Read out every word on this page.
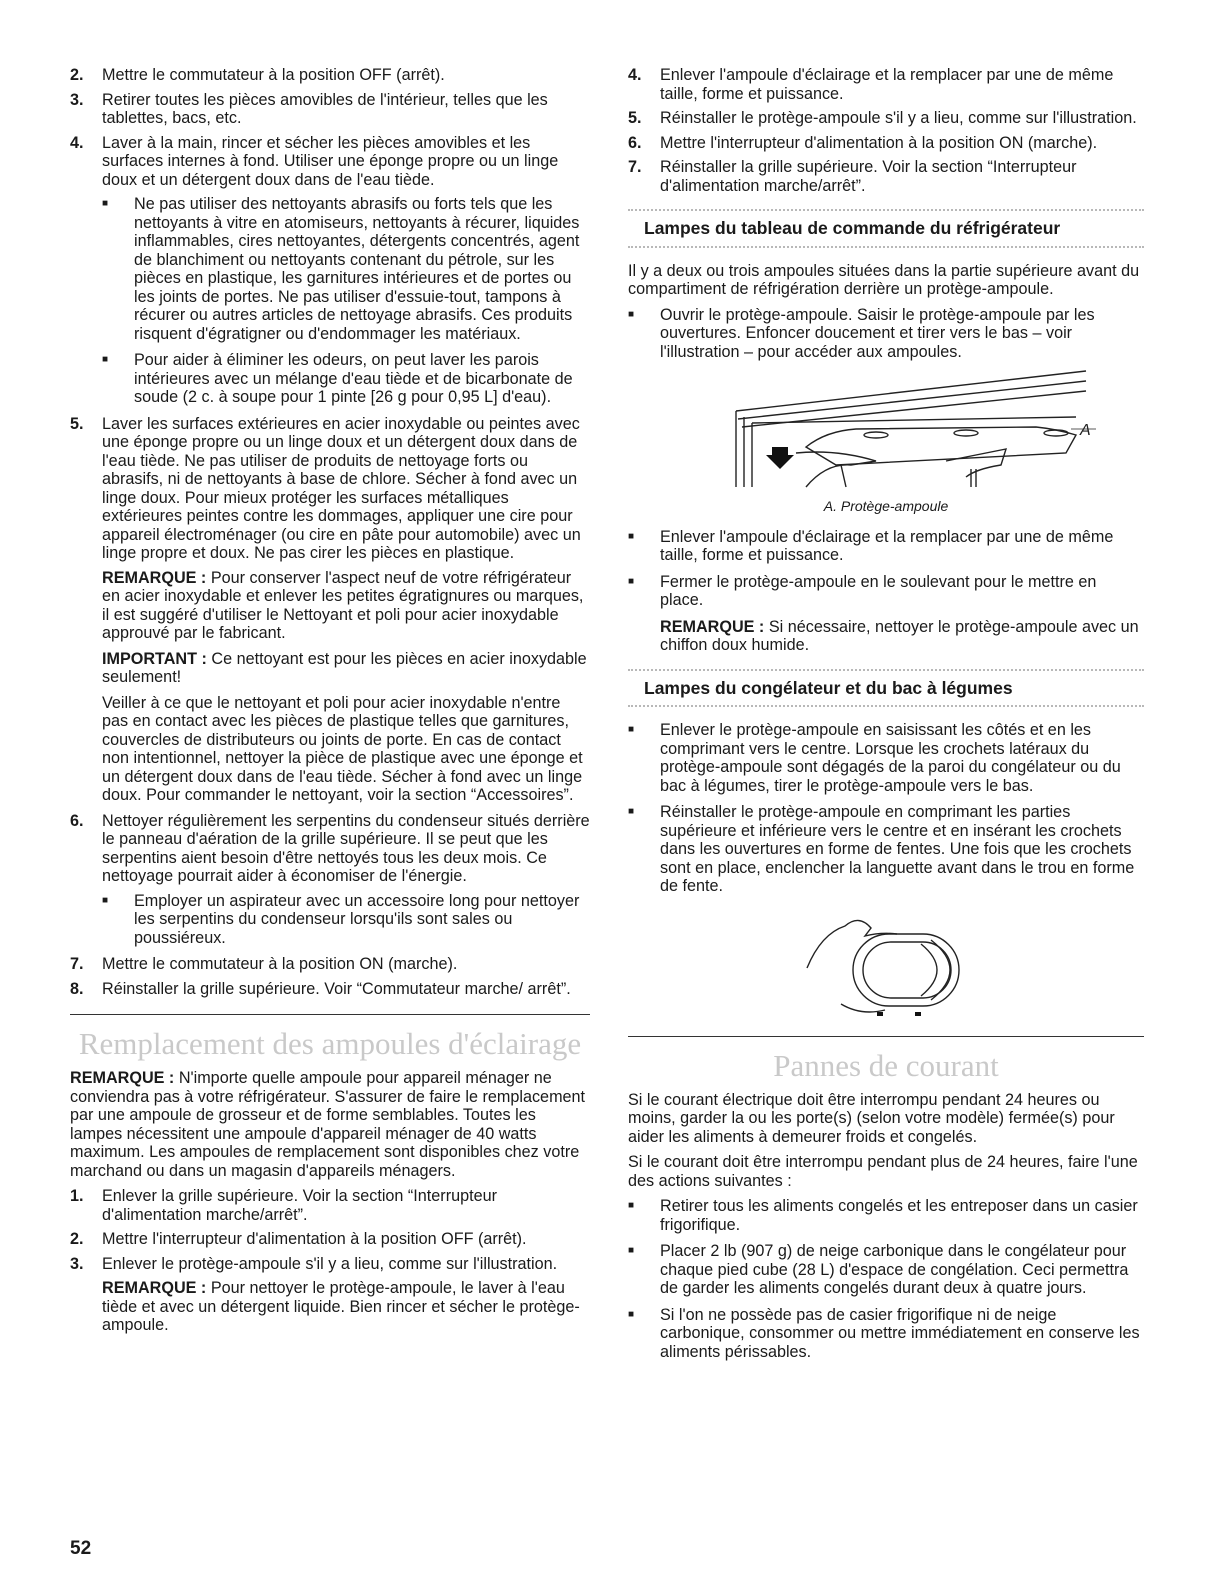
2. Mettre le commutateur à la position OFF (arrêt).
3. Retirer toutes les pièces amovibles de l'intérieur, telles que les tablettes, bacs, etc.
4. Laver à la main, rincer et sécher les pièces amovibles et les surfaces internes à fond. Utiliser une éponge propre ou un linge doux et un détergent doux dans de l'eau tiède.
■ Ne pas utiliser des nettoyants abrasifs ou forts tels que les nettoyants à vitre en atomiseurs, nettoyants à récurer, liquides inflammables, cires nettoyantes, détergents concentrés, agent de blanchiment ou nettoyants contenant du pétrole, sur les pièces en plastique, les garnitures intérieures et de portes ou les joints de portes. Ne pas utiliser d'essuie-tout, tampons à récurer ou autres articles de nettoyage abrasifs. Ces produits risquent d'égratigner ou d'endommager les matériaux.
■ Pour aider à éliminer les odeurs, on peut laver les parois intérieures avec un mélange d'eau tiède et de bicarbonate de soude (2 c. à soupe pour 1 pinte [26 g pour 0,95 L] d'eau).
5. Laver les surfaces extérieures en acier inoxydable ou peintes avec une éponge propre ou un linge doux et un détergent doux dans de l'eau tiède. Ne pas utiliser de produits de nettoyage forts ou abrasifs, ni de nettoyants à base de chlore. Sécher à fond avec un linge doux. Pour mieux protéger les surfaces métalliques extérieures peintes contre les dommages, appliquer une cire pour appareil électroménager (ou cire en pâte pour automobile) avec un linge propre et doux. Ne pas cirer les pièces en plastique.

REMARQUE : Pour conserver l'aspect neuf de votre réfrigérateur en acier inoxydable et enlever les petites égratignures ou marques, il est suggéré d'utiliser le Nettoyant et poli pour acier inoxydable approuvé par le fabricant.

IMPORTANT : Ce nettoyant est pour les pièces en acier inoxydable seulement!

Veiller à ce que le nettoyant et poli pour acier inoxydable n'entre pas en contact avec les pièces de plastique telles que garnitures, couvercles de distributeurs ou joints de porte. En cas de contact non intentionnel, nettoyer la pièce de plastique avec une éponge et un détergent doux dans de l'eau tiède. Sécher à fond avec un linge doux. Pour commander le nettoyant, voir la section “Accessoires”.

6. Nettoyer régulièrement les serpentins du condenseur situés derrière le panneau d'aération de la grille supérieure. Il se peut que les serpentins aient besoin d'être nettoyés tous les deux mois. Ce nettoyage pourrait aider à économiser de l'énergie.
■ Employer un aspirateur avec un accessoire long pour nettoyer les serpentins du condenseur lorsqu'ils sont sales ou poussiéreux.
7. Mettre le commutateur à la position ON (marche).
8. Réinstaller la grille supérieure. Voir “Commutateur marche/ arrêt”.
Remplacement des ampoules d'éclairage

REMARQUE : N'importe quelle ampoule pour appareil ménager ne conviendra pas à votre réfrigérateur. S'assurer de faire le remplacement par une ampoule de grosseur et de forme semblables. Toutes les lampes nécessitent une ampoule d'appareil ménager de 40 watts maximum. Les ampoules de remplacement sont disponibles chez votre marchand ou dans un magasin d'appareils ménagers.

1. Enlever la grille supérieure. Voir la section “Interrupteur d'alimentation marche/arrêt”.
2. Mettre l'interrupteur d'alimentation à la position OFF (arrêt).
3. Enlever le protège-ampoule s'il y a lieu, comme sur l'illustration.

REMARQUE : Pour nettoyer le protège-ampoule, le laver à l'eau tiède et avec un détergent liquide. Bien rincer et sécher le protège-ampoule.

4. Enlever l'ampoule d'éclairage et la remplacer par une de même taille, forme et puissance.
5. Réinstaller le protège-ampoule s'il y a lieu, comme sur l'illustration.
6. Mettre l'interrupteur d'alimentation à la position ON (marche).
7. Réinstaller la grille supérieure. Voir la section “Interrupteur d'alimentation marche/arrêt”.
Lampes du tableau de commande du réfrigérateur

Il y a deux ou trois ampoules situées dans la partie supérieure avant du compartiment de réfrigération derrière un protège-ampoule.

■ Ouvrir le protège-ampoule. Saisir le protège-ampoule par les ouvertures. Enfoncer doucement et tirer vers le bas – voir l'illustration – pour accéder aux ampoules.
A
A. Protège-ampoule
■ Enlever l'ampoule d'éclairage et la remplacer par une de même taille, forme et puissance.
■ Fermer le protège-ampoule en le soulevant pour le mettre en place.

REMARQUE : Si nécessaire, nettoyer le protège-ampoule avec un chiffon doux humide.

Lampes du congélateur et du bac à légumes
■ Enlever le protège-ampoule en saisissant les côtés et en les comprimant vers le centre. Lorsque les crochets latéraux du protège-ampoule sont dégagés de la paroi du congélateur ou du bac à légumes, tirer le protège-ampoule vers le bas.
■ Réinstaller le protège-ampoule en comprimant les parties supérieure et inférieure vers le centre et en insérant les crochets dans les ouvertures en forme de fentes. Une fois que les crochets sont en place, enclencher la languette avant dans le trou en forme de fente.
Pannes de courant

Si le courant électrique doit être interrompu pendant 24 heures ou moins, garder la ou les porte(s) (selon votre modèle) fermée(s) pour aider les aliments à demeurer froids et congelés.

Si le courant doit être interrompu pendant plus de 24 heures, faire l'une des actions suivantes :

■ Retirer tous les aliments congelés et les entreposer dans un casier frigorifique.
■ Placer 2 lb (907 g) de neige carbonique dans le congélateur pour chaque pied cube (28 L) d'espace de congélation. Ceci permettra de garder les aliments congelés durant deux à quatre jours.
■ Si l'on ne possède pas de casier frigorifique ni de neige carbonique, consommer ou mettre immédiatement en conserve les aliments périssables.
52
